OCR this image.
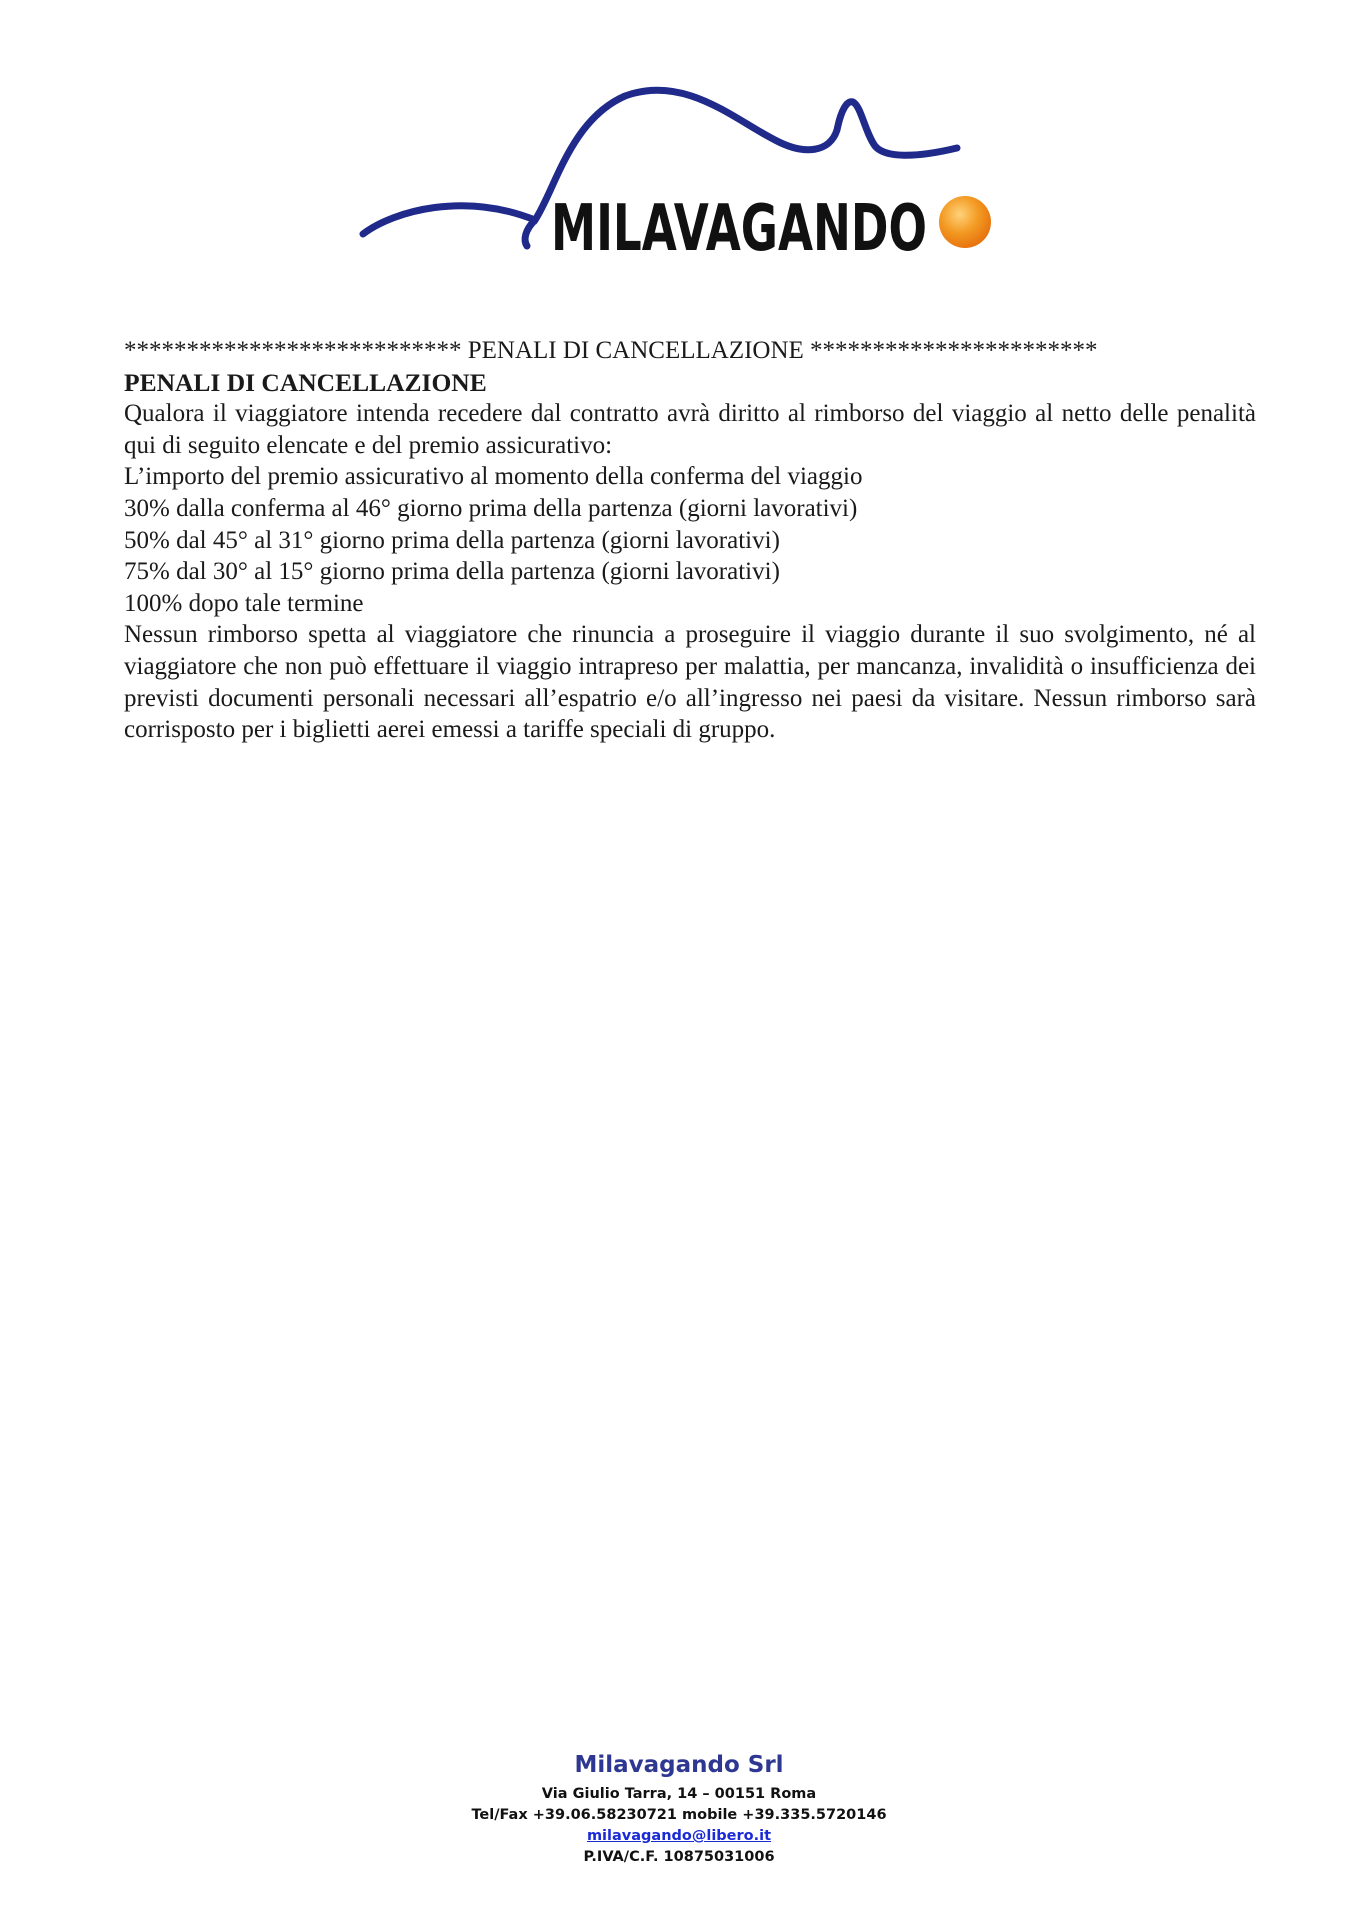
MILAVAGANDO
*************************** PENALI DI CANCELLAZIONE ***********************
PENALI DI CANCELLAZIONE
Qualora il viaggiatore intenda recedere dal contratto avrà diritto al rimborso del viaggio al netto delle penalità qui di seguito elencate e del premio assicurativo:
L’importo del premio assicurativo al momento della conferma del viaggio
30% dalla conferma al 46° giorno prima della partenza (giorni lavorativi)
50% dal 45° al 31° giorno prima della partenza (giorni lavorativi)
75% dal 30° al 15° giorno prima della partenza (giorni lavorativi)
100% dopo tale termine
Nessun rimborso spetta al viaggiatore che rinuncia a proseguire il viaggio durante il suo svolgimento, né al viaggiatore che non può effettuare il viaggio intrapreso per malattia, per mancanza, invalidità o insufficienza dei previsti documenti personali necessari all’espatrio e/o all’ingresso nei paesi da visitare. Nessun rimborso sarà corrisposto per i biglietti aerei emessi a tariffe speciali di gruppo.
Milavagando Srl
Via Giulio Tarra, 14 – 00151 Roma
Tel/Fax +39.06.58230721 mobile +39.335.5720146
milavagando@libero.it
P.IVA/C.F. 10875031006
